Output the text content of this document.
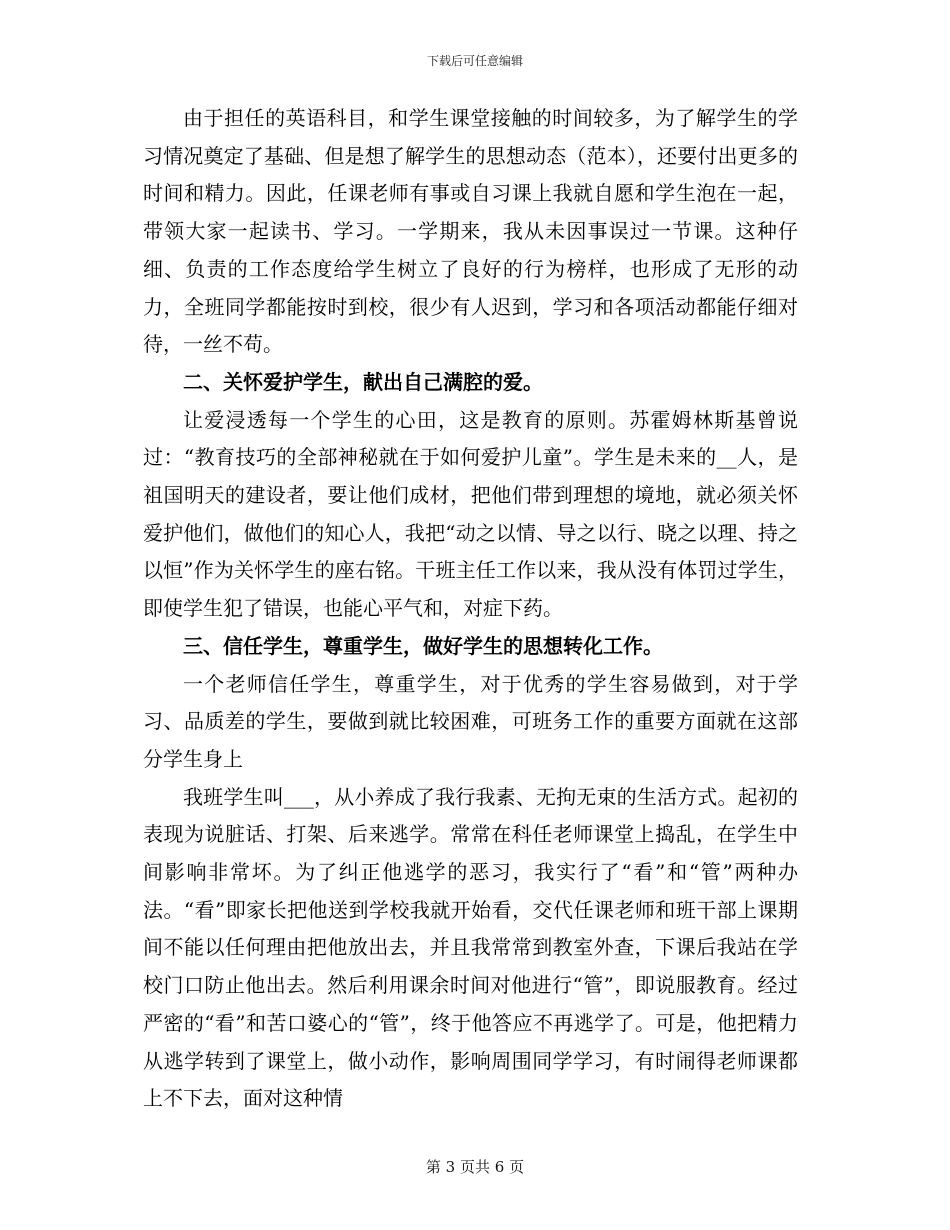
下载后可任意编辑

由于担任的英语科目，和学生课堂接触的时间较多，为了解学生的学习情况奠定了基础、但是想了解学生的思想动态（范本），还要付出更多的时间和精力。因此，任课老师有事或自习课上我就自愿和学生泡在一起，带领大家一起读书、学习。一学期来，我从未因事误过一节课。这种仔细、负责的工作态度给学生树立了良好的行为榜样，也形成了无形的动力，全班同学都能按时到校，很少有人迟到，学习和各项活动都能仔细对待，一丝不苟。

二、关怀爱护学生，献出自己满腔的爱。

让爱浸透每一个学生的心田，这是教育的原则。苏霍姆林斯基曾说过：“教育技巧的全部神秘就在于如何爱护儿童”。学生是未来的__人，是祖国明天的建设者，要让他们成材，把他们带到理想的境地，就必须关怀爱护他们，做他们的知心人，我把“动之以情、导之以行、晓之以理、持之以恒”作为关怀学生的座右铭。干班主任工作以来，我从没有体罚过学生，即使学生犯了错误，也能心平气和，对症下药。

三、信任学生，尊重学生，做好学生的思想转化工作。

一个老师信任学生，尊重学生，对于优秀的学生容易做到，对于学习、品质差的学生，要做到就比较困难，可班务工作的重要方面就在这部分学生身上

我班学生叫___，从小养成了我行我素、无拘无束的生活方式。起初的表现为说脏话、打架、后来逃学。常常在科任老师课堂上捣乱，在学生中间影响非常坏。为了纠正他逃学的恶习，我实行了“看”和“管”两种办法。“看”即家长把他送到学校我就开始看，交代任课老师和班干部上课期间不能以任何理由把他放出去，并且我常常到教室外查，下课后我站在学校门口防止他出去。然后利用课余时间对他进行“管”，即说服教育。经过严密的“看”和苦口婆心的“管”，终于他答应不再逃学了。可是，他把精力从逃学转到了课堂上，做小动作，影响周围同学学习，有时闹得老师课都上不下去，面对这种情

第 3 页共 6 页
